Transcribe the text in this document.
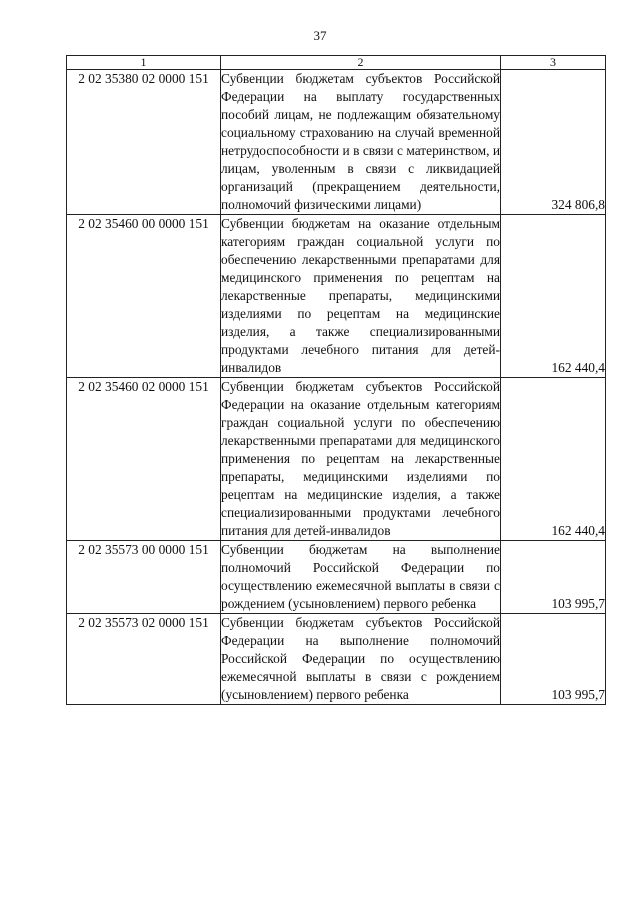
37
1	2	3
2 02 35380 02 0000 151	Субвенции бюджетам субъектов Российской Федерации на выплату государственных пособий лицам, не подлежащим обязательному социальному страхованию на случай временной нетрудоспособности и в связи с материнством, и лицам, уволенным в связи с ликвидацией организаций (прекращением деятельности, полномочий физическими лицами)	324 806,8
2 02 35460 00 0000 151	Субвенции бюджетам на оказание отдельным категориям граждан социальной услуги по обеспечению лекарственными препаратами для медицинского применения по рецептам на лекарственные препараты, медицинскими изделиями по рецептам на медицинские изделия, а также специализированными продуктами лечебного питания для детей-инвалидов	162 440,4
2 02 35460 02 0000 151	Субвенции бюджетам субъектов Российской Федерации на оказание отдельным категориям граждан социальной услуги по обеспечению лекарственными препаратами для медицинского применения по рецептам на лекарственные препараты, медицинскими изделиями по рецептам на медицинские изделия, а также специализированными продуктами лечебного питания для детей-инвалидов	162 440,4
2 02 35573 00 0000 151	Субвенции бюджетам на выполнение полномочий Российской Федерации по осуществлению ежемесячной выплаты в связи с рождением (усыновлением) первого ребенка	103 995,7
2 02 35573 02 0000 151	Субвенции бюджетам субъектов Российской Федерации на выполнение полномочий Российской Федерации по осуществлению ежемесячной выплаты в связи с рождением (усыновлением) первого ребенка	103 995,7
